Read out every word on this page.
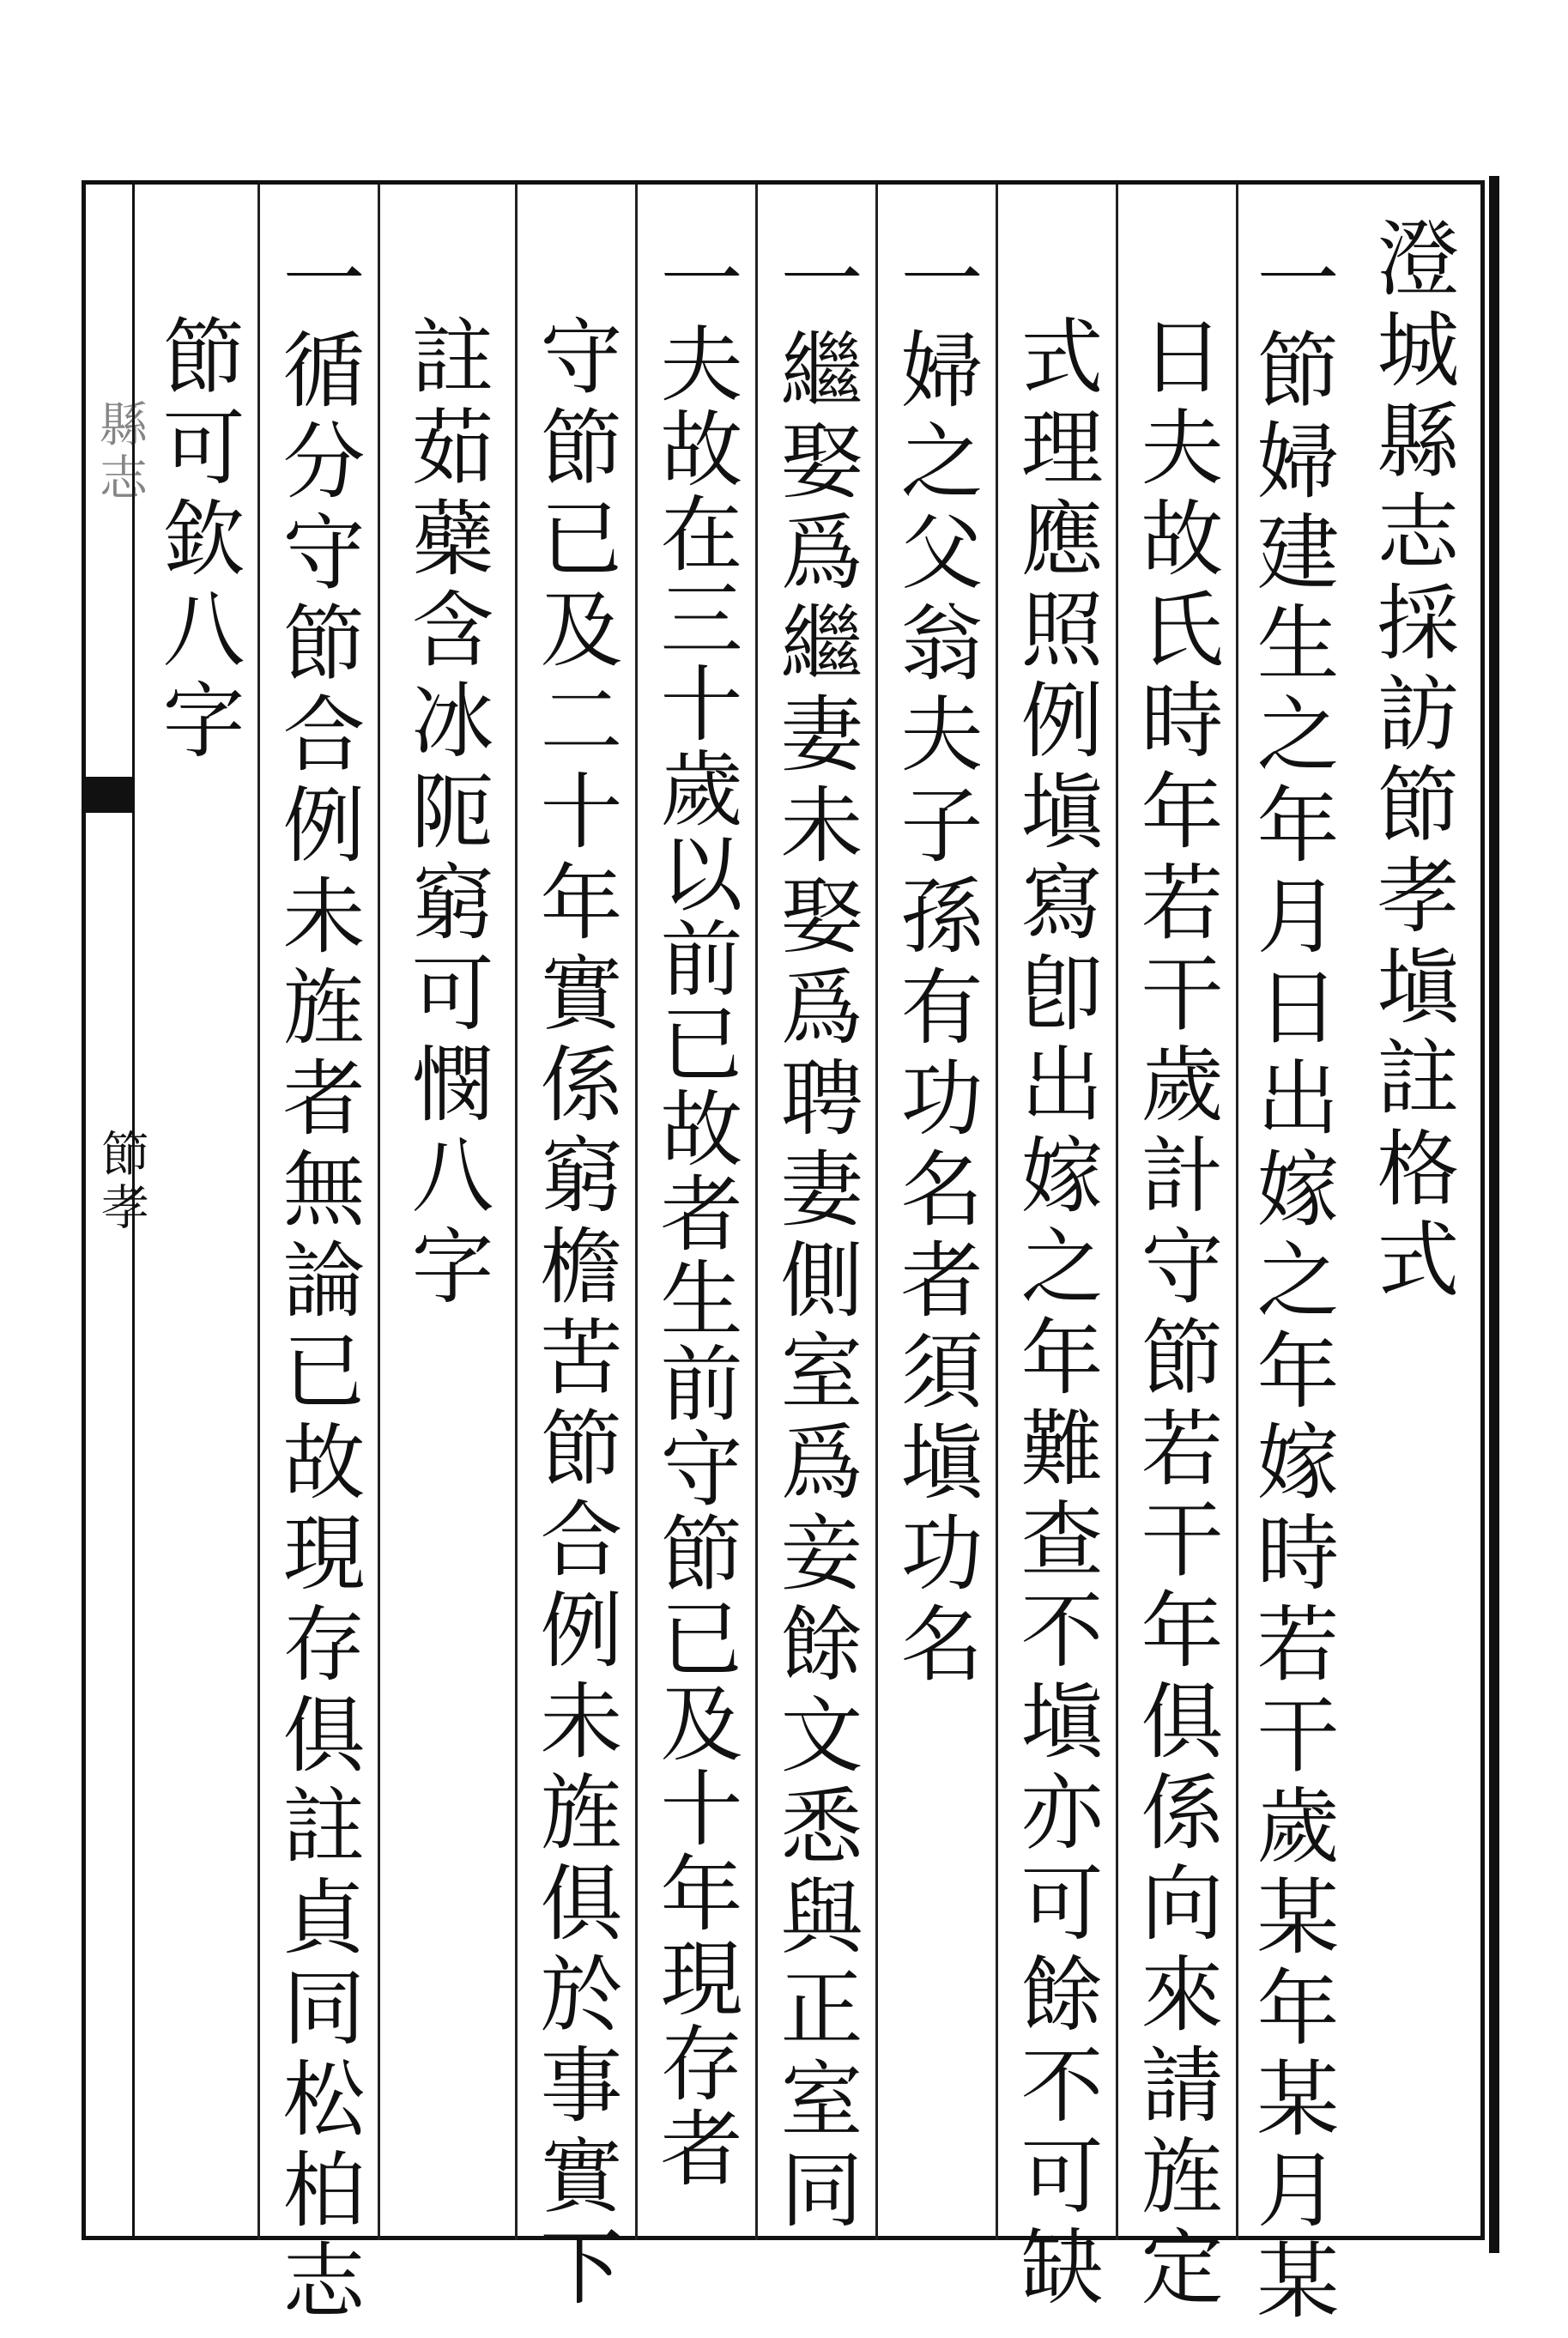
澄城縣志採訪節孝塡註格式
一節婦建生之年月日出嫁之年嫁時若干歲某年某月某
日夫故氏時年若干歲計守節若干年俱係向來請旌定
式理應照例塡寫卽出嫁之年難查不塡亦可餘不可缺
一婦之父翁夫子孫有功名者須塡功名
一繼娶爲繼妻未娶爲聘妻側室爲妾餘文悉與正室同
一夫故在三十歲以前已故者生前守節已及十年現存者
守節已及二十年實係窮檐苦節合例未旌俱於事實下
註茹蘗含冰阨窮可憫八字
一循分守節合例未旌者無論已故現存俱註貞同松柏志
節可欽八字
縣志
節孝
